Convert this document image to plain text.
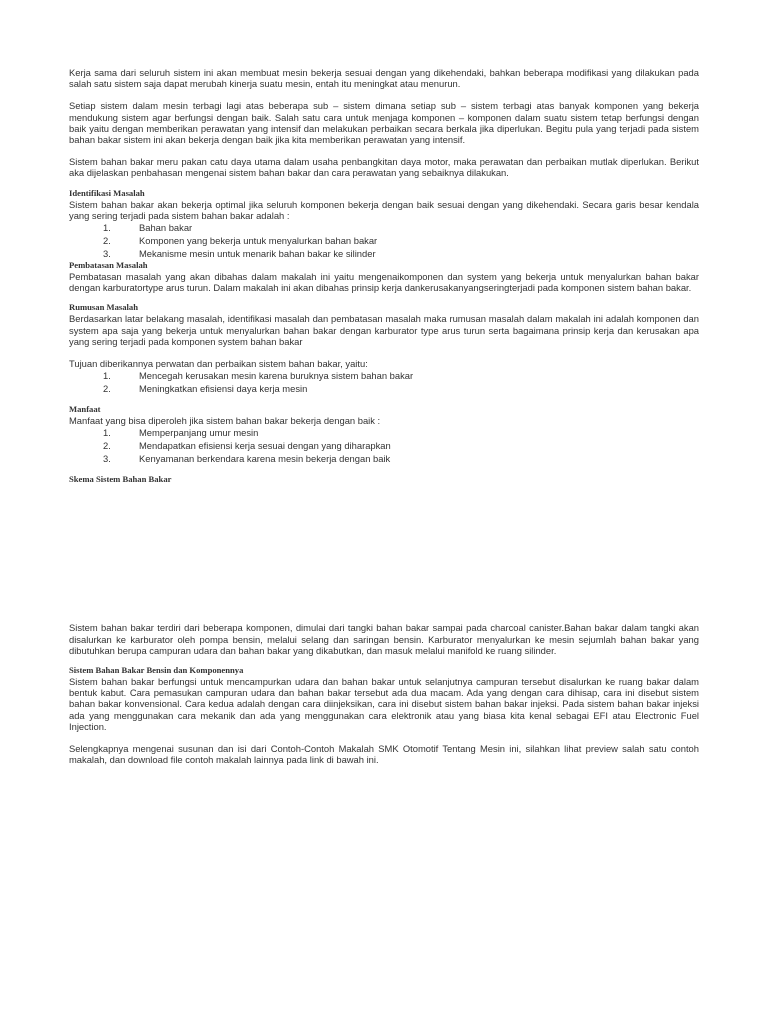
Kerja sama dari seluruh sistem ini akan membuat mesin bekerja sesuai dengan yang dikehendaki, bahkan beberapa modifikasi yang dilakukan pada salah satu sistem saja dapat merubah kinerja suatu mesin, entah itu meningkat atau menurun.

Setiap sistem dalam mesin terbagi lagi atas beberapa sub – sistem dimana setiap sub – sistem terbagi atas banyak komponen yang bekerja mendukung sistem agar berfungsi dengan baik. Salah satu cara untuk menjaga komponen – komponen dalam suatu sistem tetap berfungsi dengan baik yaitu dengan memberikan perawatan yang intensif dan melakukan perbaikan secara berkala jika diperlukan. Begitu pula yang terjadi pada sistem bahan bakar sistem ini akan bekerja dengan baik jika kita memberikan perawatan yang intensif.

Sistem bahan bakar meru pakan catu daya utama dalam usaha penbangkitan daya motor, maka perawatan dan perbaikan mutlak diperlukan. Berikut aka dijelaskan penbahasan mengenai sistem bahan bakar dan cara perawatan yang sebaiknya dilakukan.

Identifikasi Masalah

Sistem bahan bakar akan bekerja optimal jika seluruh komponen bekerja dengan baik sesuai dengan yang dikehendaki. Secara garis besar kendala yang sering terjadi pada sistem bahan bakar adalah :

1.	Bahan bakar
2.	Komponen yang bekerja untuk menyalurkan bahan bakar
3.	Mekanisme mesin untuk menarik bahan bakar ke silinder
Pembatasan Masalah

Pembatasan masalah yang akan dibahas dalam makalah ini yaitu mengenaikomponen dan system yang bekerja untuk menyalurkan bahan bakar dengan karburatortype arus turun. Dalam makalah ini akan dibahas prinsip kerja dankerusakanyangseringterjadi pada komponen sistem bahan bakar.

Rumusan Masalah

Berdasarkan latar belakang masalah, identifikasi masalah dan pembatasan masalah maka rumusan masalah dalam makalah ini adalah komponen dan system apa saja yang bekerja untuk menyalurkan bahan bakar dengan karburator type arus turun serta bagaimana prinsip kerja dan kerusakan apa yang sering terjadi pada komponen system bahan bakar

Tujuan diberikannya perwatan dan perbaikan sistem bahan bakar, yaitu:

1.	Mencegah kerusakan mesin karena buruknya sistem bahan bakar
2.	Meningkatkan efisiensi daya kerja mesin
Manfaat

Manfaat yang bisa diperoleh jika sistem bahan bakar bekerja dengan baik :

1.	Memperpanjang umur mesin
2.	Mendapatkan efisiensi kerja sesuai dengan yang diharapkan
3.	Kenyamanan berkendara karena mesin bekerja dengan baik
Skema Sistem Bahan Bakar

Sistem bahan bakar terdiri dari beberapa komponen, dimulai dari tangki bahan bakar sampai pada charcoal canister.Bahan bakar dalam tangki akan disalurkan ke karburator oleh pompa bensin, melalui selang dan saringan bensin. Karburator menyalurkan ke mesin sejumlah bahan bakar yang dibutuhkan berupa campuran udara dan bahan bakar yang dikabutkan, dan masuk melalui manifold ke ruang silinder.

Sistem Bahan Bakar Bensin dan Komponennya

Sistem bahan bakar berfungsi untuk mencampurkan udara dan bahan bakar untuk selanjutnya campuran tersebut disalurkan ke ruang bakar dalam bentuk kabut. Cara pemasukan campuran udara dan bahan bakar tersebut ada dua macam. Ada yang dengan cara dihisap, cara ini disebut sistem bahan bakar konvensional. Cara kedua adalah dengan cara diinjeksikan, cara ini disebut sistem bahan bakar injeksi. Pada sistem bahan bakar injeksi ada yang menggunakan cara mekanik dan ada yang menggunakan cara elektronik atau yang biasa kita kenal sebagai EFI atau Electronic Fuel Injection.

Selengkapnya mengenai susunan dan isi dari Contoh-Contoh Makalah SMK Otomotif Tentang Mesin ini, silahkan lihat preview salah satu contoh makalah, dan download file contoh makalah lainnya pada link di bawah ini.
